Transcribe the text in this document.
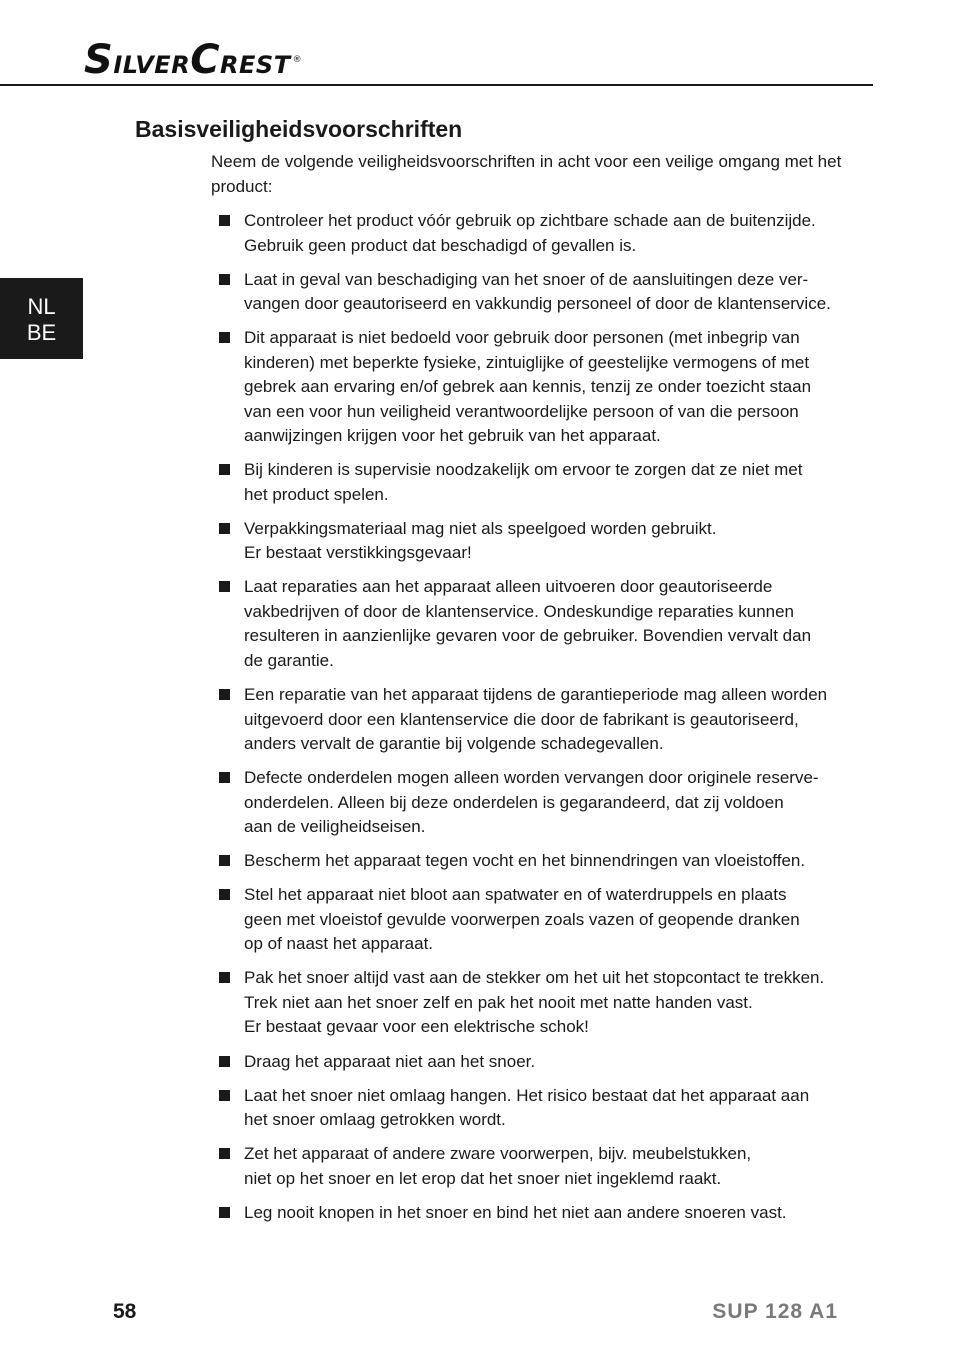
SILVERCREST ®
NL
BE
Basisveiligheidsvoorschriften

Neem de volgende veiligheidsvoorschriften in acht voor een veilige omgang met het product:

Controleer het product vóór gebruik op zichtbare schade aan de buitenzijde.
Gebruik geen product dat beschadigd of gevallen is.
Laat in geval van beschadiging van het snoer of de aansluitingen deze ver-
vangen door geautoriseerd en vakkundig personeel of door de klantenservice.
Dit apparaat is niet bedoeld voor gebruik door personen (met inbegrip van
kinderen) met beperkte fysieke, zintuiglijke of geestelijke vermogens of met
gebrek aan ervaring en/of gebrek aan kennis, tenzij ze onder toezicht staan
van een voor hun veiligheid verantwoordelijke persoon of van die persoon
aanwijzingen krijgen voor het gebruik van het apparaat.
Bij kinderen is supervisie noodzakelijk om ervoor te zorgen dat ze niet met
het product spelen.
Verpakkingsmateriaal mag niet als speelgoed worden gebruikt.
Er bestaat verstikkingsgevaar!
Laat reparaties aan het apparaat alleen uitvoeren door geautoriseerde
vakbedrijven of door de klantenservice. Ondeskundige reparaties kunnen
resulteren in aanzienlijke gevaren voor de gebruiker. Bovendien vervalt dan
de garantie.
Een reparatie van het apparaat tijdens de garantieperiode mag alleen worden
uitgevoerd door een klantenservice die door de fabrikant is geautoriseerd,
anders vervalt de garantie bij volgende schadegevallen.
Defecte onderdelen mogen alleen worden vervangen door originele reserve-
onderdelen. Alleen bij deze onderdelen is gegarandeerd, dat zij voldoen
aan de veiligheidseisen.
Bescherm het apparaat tegen vocht en het binnendringen van vloeistoffen.
Stel het apparaat niet bloot aan spatwater en of waterdruppels en plaats
geen met vloeistof gevulde voorwerpen zoals vazen of geopende dranken
op of naast het apparaat.
Pak het snoer altijd vast aan de stekker om het uit het stopcontact te trekken.
Trek niet aan het snoer zelf en pak het nooit met natte handen vast.
Er bestaat gevaar voor een elektrische schok!
Draag het apparaat niet aan het snoer.
Laat het snoer niet omlaag hangen. Het risico bestaat dat het apparaat aan
het snoer omlaag getrokken wordt.
Zet het apparaat of andere zware voorwerpen, bijv. meubelstukken,
niet op het snoer en let erop dat het snoer niet ingeklemd raakt.
Leg nooit knopen in het snoer en bind het niet aan andere snoeren vast.
58	SUP 128 A1
